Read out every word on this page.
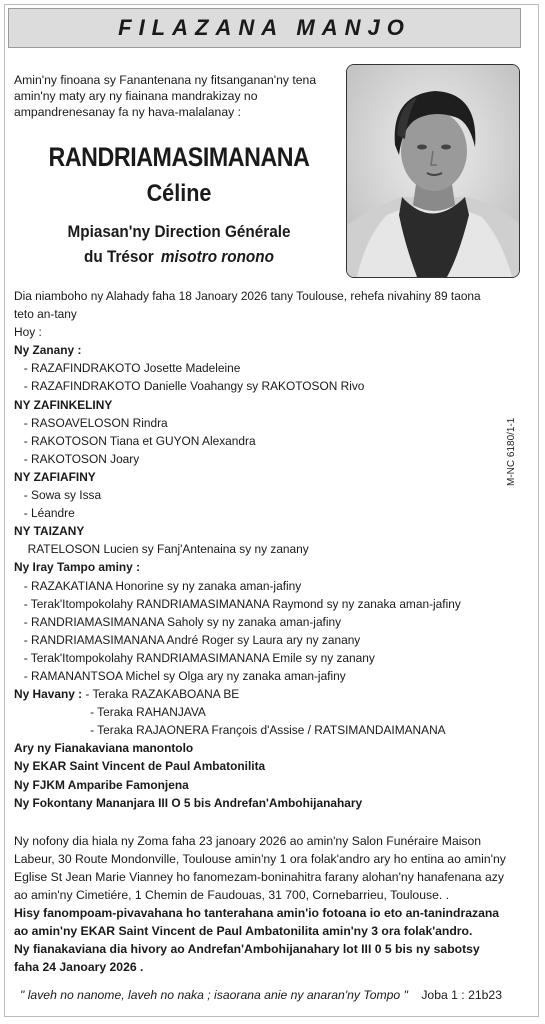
FILAZANA MANJO
Amin'ny finoana sy Fanantenana ny fitsanganan'ny tena amin'ny maty ary ny fiainana mandrakizay no ampandrenesanay fa ny hava-malalanay :
RANDRIAMASIMANANA
Céline
Mpiasan'ny Direction Générale
du Trésor misotro ronono
Dia niamboho ny Alahady faha 18 Janoary 2026 tany Toulouse, rehefa nivahiny 89 taona
teto an-tany
Hoy :
Ny Zanany :
- RAZAFINDRAKOTO Josette Madeleine
- RAZAFINDRAKOTO Danielle Voahangy sy RAKOTOSON Rivo
NY ZAFINKELINY
- RASOAVELOSON Rindra
- RAKOTOSON Tiana et GUYON Alexandra
- RAKOTOSON Joary
NY ZAFIAFINY
- Sowa sy Issa
- Léandre
NY TAIZANY
RATELOSON Lucien sy Fanj'Antenaina sy ny zanany
Ny Iray Tampo aminy :
- RAZAKATIANA Honorine sy ny zanaka aman-jafiny
- Terak'Itompokolahy RANDRIAMASIMANANA Raymond sy ny zanaka aman-jafiny
- RANDRIAMASIMANANA Saholy sy ny zanaka aman-jafiny
- RANDRIAMASIMANANA André Roger sy Laura ary ny zanany
- Terak'Itompokolahy RANDRIAMASIMANANA Emile sy ny zanany
- RAMANANTSOA Michel sy Olga ary ny zanaka aman-jafiny
Ny Havany : - Teraka RAZAKABOANA BE
- Teraka RAHANJAVA
- Teraka RAJAONERA François d'Assise / RATSIMANDAIMANANA
Ary ny Fianakaviana manontolo
Ny EKAR Saint Vincent de Paul Ambatonilita
Ny FJKM Amparibe Famonjena
Ny Fokontany Mananjara III O 5 bis Andrefan'Ambohijanahary
M-NC 6180/1-1
Ny nofony dia hiala ny Zoma faha 23 janoary 2026 ao amin'ny Salon Funéraire Maison
Labeur, 30 Route Mondonville, Toulouse amin'ny 1 ora folak'andro ary ho entina ao amin'ny
Eglise St Jean Marie Vianney ho fanomezam-boninahitra farany alohan'ny hanafenana azy
ao amin'ny Cimetiére, 1 Chemin de Faudouas, 31 700, Cornebarrieu, Toulouse. .
Hisy fanompoam-pivavahana ho tanterahana amin'io fotoana io eto an-tanindrazana
ao amin'ny EKAR Saint Vincent de Paul Ambatonilita amin'ny 3 ora folak'andro.
Ny fianakaviana dia hivory ao Andrefan'Ambohijanahary lot III 0 5 bis ny sabotsy
faha 24 Janoary 2026 .
" laveh no nanome, laveh no naka ; isaorana anie ny anaran'ny Tompo " Joba 1 : 21b23
